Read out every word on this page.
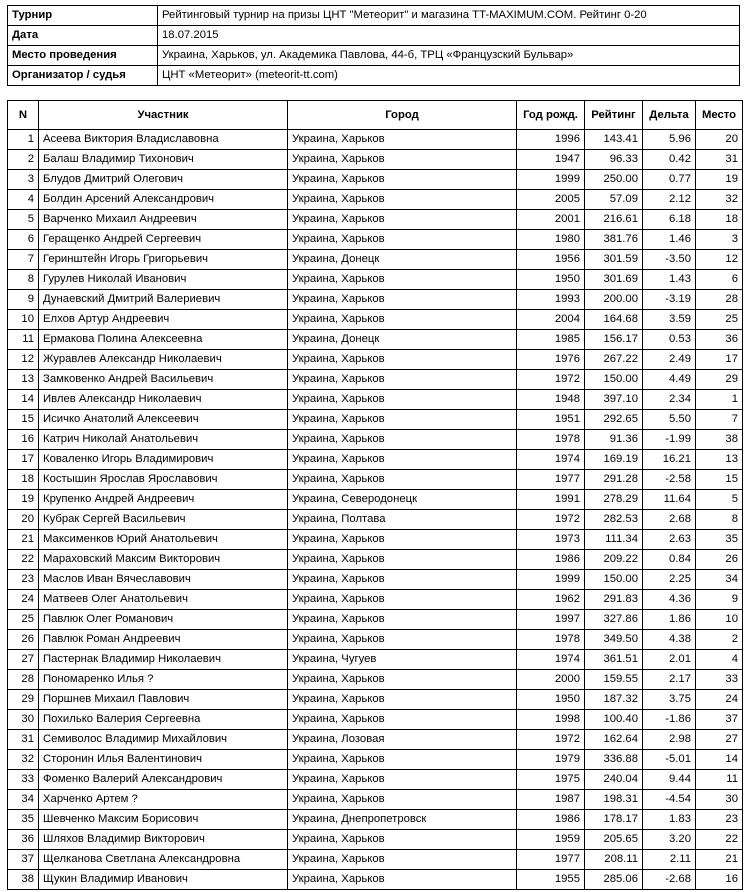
Турнир	Рейтинговый турнир на призы ЦНТ "Метеорит" и магазина TT-MAXIMUM.COM. Рейтинг 0-20
Дата	18.07.2015
Место проведения	Украина, Харьков, ул. Академика Павлова, 44-б, ТРЦ «Французский Бульвар»
Организатор / судья	ЦНТ «Метеорит» (meteorit-tt.com)
N	Участник	Город	Год рожд.	Рейтинг	Дельта	Место
1	Асеева Виктория Владиславовна	Украина, Харьков	1996	143.41	5.96	20
2	Балаш Владимир Тихонович	Украина, Харьков	1947	96.33	0.42	31
3	Блудов Дмитрий Олегович	Украина, Харьков	1999	250.00	0.77	19
4	Болдин Арсений Александрович	Украина, Харьков	2005	57.09	2.12	32
5	Варченко Михаил Андреевич	Украина, Харьков	2001	216.61	6.18	18
6	Геращенко Андрей Сергеевич	Украина, Харьков	1980	381.76	1.46	3
7	Геринштейн Игорь Григорьевич	Украина, Донецк	1956	301.59	-3.50	12
8	Гурулев Николай Иванович	Украина, Харьков	1950	301.69	1.43	6
9	Дунаевский Дмитрий Валериевич	Украина, Харьков	1993	200.00	-3.19	28
10	Елхов Артур Андреевич	Украина, Харьков	2004	164.68	3.59	25
11	Ермакова Полина Алексеевна	Украина, Донецк	1985	156.17	0.53	36
12	Журавлев Александр Николаевич	Украина, Харьков	1976	267.22	2.49	17
13	Замковенко Андрей Васильевич	Украина, Харьков	1972	150.00	4.49	29
14	Ивлев Александр Николаевич	Украина, Харьков	1948	397.10	2.34	1
15	Исичко Анатолий Алексеевич	Украина, Харьков	1951	292.65	5.50	7
16	Катрич Николай Анатольевич	Украина, Харьков	1978	91.36	-1.99	38
17	Коваленко Игорь Владимирович	Украина, Харьков	1974	169.19	16.21	13
18	Костышин Ярослав Ярославович	Украина, Харьков	1977	291.28	-2.58	15
19	Крупенко Андрей Андреевич	Украина, Северодонецк	1991	278.29	11.64	5
20	Кубрак Сергей Васильевич	Украина, Полтава	1972	282.53	2.68	8
21	Максименков Юрий Анатольевич	Украина, Харьков	1973	111.34	2.63	35
22	Мараховский Максим Викторович	Украина, Харьков	1986	209.22	0.84	26
23	Маслов Иван Вячеславович	Украина, Харьков	1999	150.00	2.25	34
24	Матвеев Олег Анатольевич	Украина, Харьков	1962	291.83	4.36	9
25	Павлюк Олег Романович	Украина, Харьков	1997	327.86	1.86	10
26	Павлюк Роман Андреевич	Украина, Харьков	1978	349.50	4.38	2
27	Пастернак Владимир Николаевич	Украина, Чугуев	1974	361.51	2.01	4
28	Пономаренко Илья ?	Украина, Харьков	2000	159.55	2.17	33
29	Поршнев Михаил Павлович	Украина, Харьков	1950	187.32	3.75	24
30	Похилько Валерия Сергеевна	Украина, Харьков	1998	100.40	-1.86	37
31	Семиволос Владимир Михайлович	Украина, Лозовая	1972	162.64	2.98	27
32	Сторонин Илья Валентинович	Украина, Харьков	1979	336.88	-5.01	14
33	Фоменко Валерий Александрович	Украина, Харьков	1975	240.04	9.44	11
34	Харченко Артем ?	Украина, Харьков	1987	198.31	-4.54	30
35	Шевченко Максим Борисович	Украина, Днепропетровск	1986	178.17	1.83	23
36	Шляхов Владимир Викторович	Украина, Харьков	1959	205.65	3.20	22
37	Щелканова Светлана Александровна	Украина, Харьков	1977	208.11	2.11	21
38	Щукин Владимир Иванович	Украина, Харьков	1955	285.06	-2.68	16
